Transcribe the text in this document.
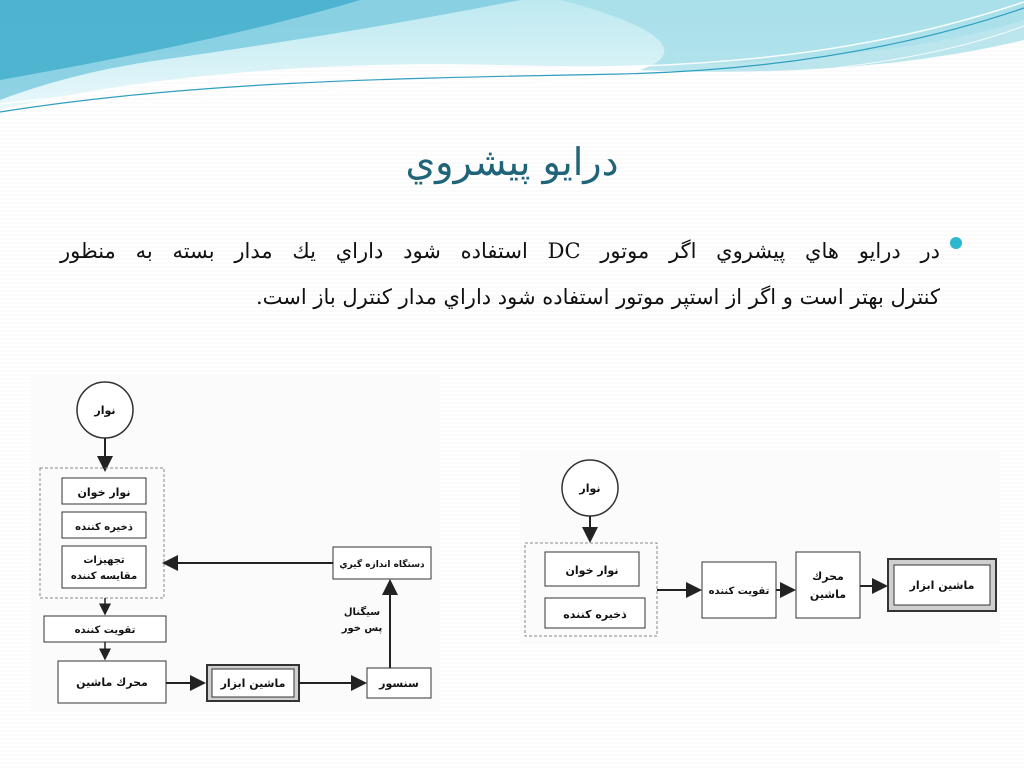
درايو پيشروي
در درايو هاي پيشروي اگر موتور DC استفاده شود داراي يك مدار بسته به منظور
كنترل بهتر است و اگر از استپر موتور استفاده شود داراي مدار كنترل باز است.
نوار
نوار خوان
ذخيره كننده
تجهيزات
مقايسه كننده
تقويت كننده
محرك ماشين	ماشين ابزار	سنسور
دستگاه اندازه گيري
سيگنال
پس خور
نوار
نوار خوان
ذخيره كننده
تقويت كننده
محرك
ماشين
ماشين ابزار
